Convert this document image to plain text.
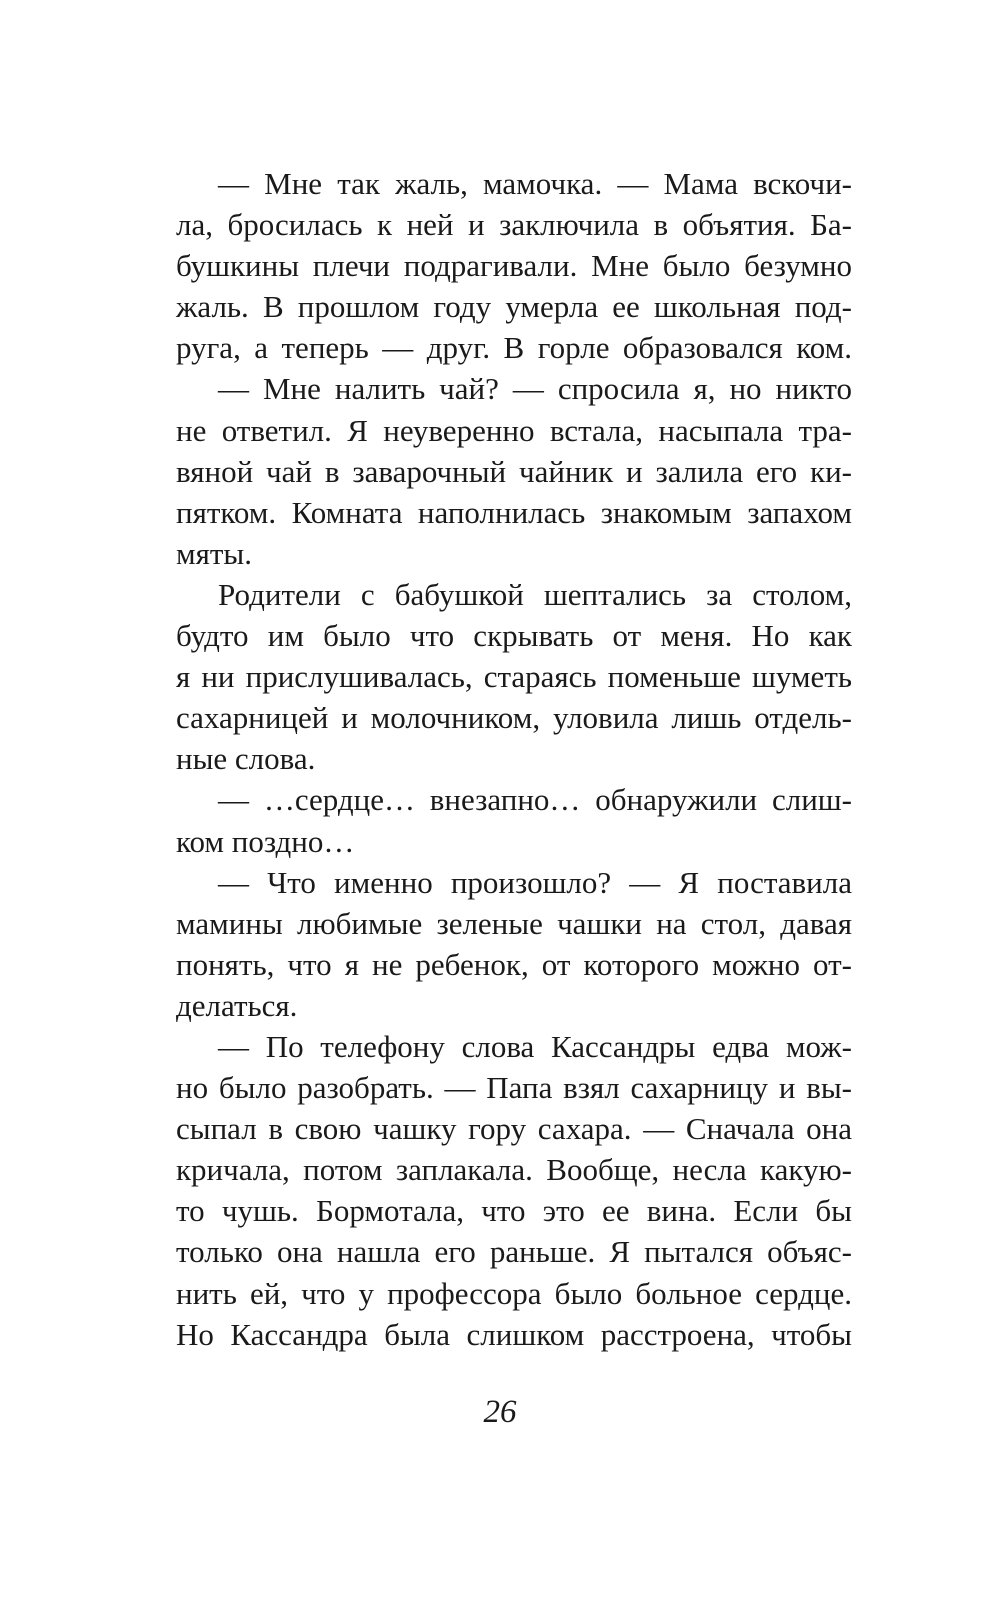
— Мне так жаль, мамочка. — Мама вскочи-
ла, бросилась к ней и заключила в объятия. Ба-
бушкины плечи подрагивали. Мне было безумно
жаль. В прошлом году умерла ее школьная под-
руга, а теперь — друг. В горле образовался ком.
— Мне налить чай? — спросила я, но никто
не ответил. Я неуверенно встала, насыпала тра-
вяной чай в заварочный чайник и залила его ки-
пятком. Комната наполнилась знакомым запахом
мяты.
Родители с бабушкой шептались за столом,
будто им было что скрывать от меня. Но как
я ни прислушивалась, стараясь поменьше шуметь
сахарницей и молочником, уловила лишь отдель-
ные слова.
— …сердце… внезапно… обнаружили слиш-
ком поздно…
— Что именно произошло? — Я поставила
мамины любимые зеленые чашки на стол, давая
понять, что я не ребенок, от которого можно от-
делаться.
— По телефону слова Кассандры едва мож-
но было разобрать. — Папа взял сахарницу и вы-
сыпал в свою чашку гору сахара. — Сначала она
кричала, потом заплакала. Вообще, несла какую-
то чушь. Бормотала, что это ее вина. Если бы
только она нашла его раньше. Я пытался объяс-
нить ей, что у профессора было больное сердце.
Но Кассандра была слишком расстроена, чтобы
26
